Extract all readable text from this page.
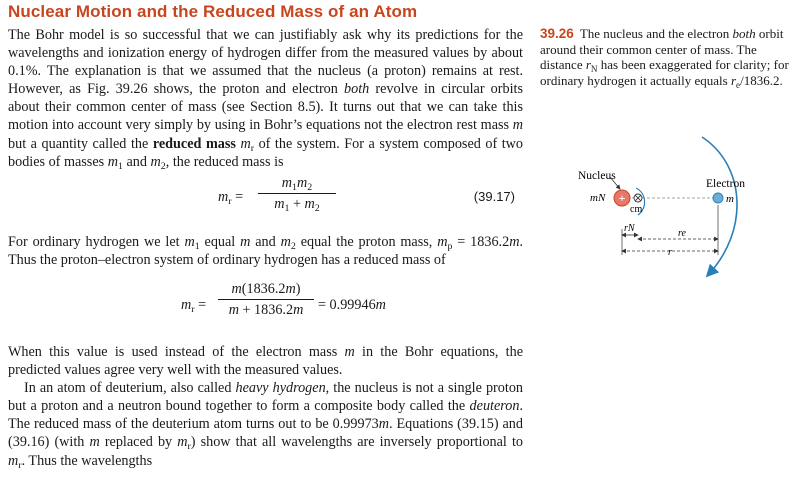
Nuclear Motion and the Reduced Mass of an Atom

The Bohr model is so successful that we can justifiably ask why its predictions for the wavelengths and ionization energy of hydrogen differ from the measured values by about 0.1%. The explanation is that we assumed that the nucleus (a proton) remains at rest. However, as Fig. 39.26 shows, the proton and electron both revolve in circular orbits about their common center of mass (see Section 8.5). It turns out that we can take this motion into account very simply by using in Bohr’s equations not the electron rest mass m but a quantity called the reduced mass $m_r$ of the system. For a system composed of two bodies of masses $m_1$ and $m_2$, the reduced mass is

$m_r$ =
$m_1m_2$
$m_1 + m_2$
(39.17)

For ordinary hydrogen we let $m_1$ equal m and $m_2$ equal the proton mass, $m_p = 1836.2m$. Thus the proton–electron system of ordinary hydrogen has a reduced mass of

$m_r$ =
m(1836.2m)
m + 1836.2m	= 0.99946m

When this value is used instead of the electron mass m in the Bohr equations, the predicted values agree very well with the measured values.

In an atom of deuterium, also called heavy hydrogen, the nucleus is not a single proton but a proton and a neutron bound together to form a composite body called the deuteron. The reduced mass of the deuterium atom turns out to be 0.99973m. Equations (39.15) and (39.16) (with m replaced by $m_r$) show that all wavelengths are inversely proportional to $m_r$. Thus the wavelengths

39.26 The nucleus and the electron both orbit around their common center of mass. The distance $r_N$ has been exaggerated for clarity; for ordinary hydrogen it actually equals $r_e/1836.2$.
+
Nucleus
mN
cm
Electron
m
rN	re
r
